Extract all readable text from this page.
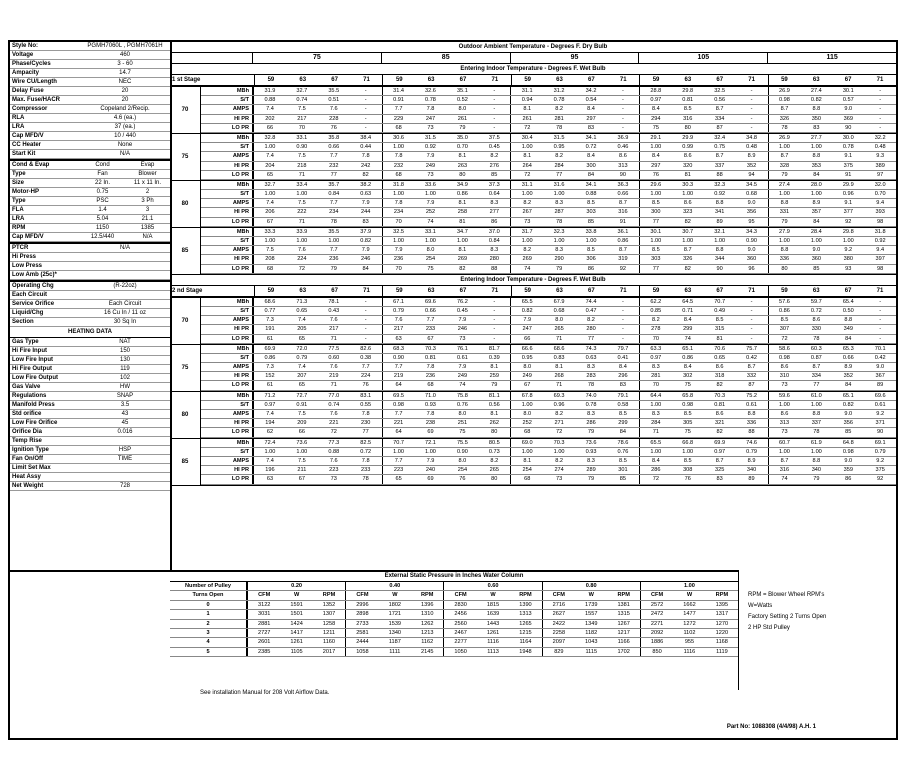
Style No:	PGMH7060L , PGMH7061H
Voltage	460
Phase/Cycles	3 - 60
Ampacity	14.7
Wire CU/Length	NEC
Delay Fuse	20
Max. Fuse/HACR	20
Compressor	Copeland 2/Recip.
RLA	4.6 (ea.)
LRA	37 (ea.)
Cap MFD/V	10 / 440
CC Heater	None
Start Kit	N/A
Cond & Evap	Cond	Evap
Type	Fan	Blower
Size	22 In.	11 x 11 In.
Motor-HP	0.75	2
Type	PSC	3 Ph
FLA	1.4	3
LRA	5.04	21.1
RPM	1150	1385
Cap MFD/V	12.5/440	N/A
PTCR	N/A
Hi Press
Low Press
Low Amb (25c)*
Operating Chg	(R-22oz)
Each Circuit
Service Orifice	Each Circuit
Liquid/Chg	16 Cu In / 11 oz
Section	30 Sq In
HEATING DATA
Gas Type	NAT
Hi Fire Input	150
Low Fire Input	130
Hi Fire Output	119
Low Fire Output	102
Gas Valve	HW
Regulations	SNAP
Manifold Press	3.5
Std orifice	43
Low Fire Orifice	45
Orifice Dia	0.016
Temp Rise
Ignition Type	HSP
Fan On/Off	TIME
Limit Set Max
Heat Assy
Net Weight	728
Outdoor Ambient Temperature - Degrees F. Dry Bulb
75	85	95	105	115
Entering Indoor Temperature - Degrees F. Wet Bulb
1 st Stage	59	63	67	71	59	63	67	71	59	63	67	71	59	63	67	71	59	63	67	71
70
MBh	31.9	32.7	35.5	-	31.4	32.6	35.1	-	31.1	31.2	34.2	-	28.8	29.8	32.5	-	26.9	27.4	30.1	-
S/T	0.88	0.74	0.51	-	0.91	0.78	0.52	-	0.94	0.78	0.54	-	0.97	0.81	0.56	-	0.98	0.82	0.57	-
AMPS	7.4	7.5	7.6	-	7.7	7.8	8.0	-	8.1	8.2	8.4	-	8.4	8.5	8.7	-	8.7	8.8	9.0	-
HI PR	202	217	228	-	229	247	261	-	261	281	297	-	294	316	334	-	326	350	369	-
LO PR	66	70	76	-	68	73	79	-	72	78	83	-	75	80	87	-	78	83	90	-
75
MBh	32.8	33.1	35.8	38.4	30.6	31.5	35.0	37.5	30.4	31.5	34.1	36.9	29.1	29.9	32.4	34.8	26.9	27.7	30.0	32.2
S/T	1.00	0.90	0.66	0.44	1.00	0.92	0.70	0.45	1.00	0.95	0.72	0.46	1.00	0.99	0.75	0.48	1.00	1.00	0.78	0.48
AMPS	7.4	7.5	7.7	7.8	7.8	7.9	8.1	8.2	8.1	8.2	8.4	8.6	8.4	8.6	8.7	8.9	8.7	8.8	9.1	9.3
HI PR	204	218	232	242	232	249	263	276	264	284	300	313	297	320	337	352	328	353	375	389
LO PR	65	71	77	82	68	73	80	85	72	77	84	90	76	81	88	94	79	84	91	97
80
MBh	32.7	33.4	35.7	38.2	31.8	33.6	34.9	37.3	31.1	31.6	34.1	36.3	29.6	30.3	32.3	34.5	27.4	28.0	29.9	32.0
S/T	1.00	1.00	0.84	0.63	1.00	1.00	0.86	0.64	1.00	1.00	0.88	0.66	1.00	1.00	0.92	0.68	1.00	1.00	0.96	0.70
AMPS	7.4	7.5	7.7	7.9	7.8	7.9	8.1	8.3	8.2	8.3	8.5	8.7	8.5	8.6	8.8	9.0	8.8	8.9	9.1	9.4
HI PR	206	222	234	244	234	252	258	277	267	287	303	316	300	323	341	356	331	357	377	393
LO PR	67	71	78	83	70	74	81	86	73	78	85	91	77	82	89	95	79	84	92	98
85
MBh	33.3	33.9	35.5	37.9	32.5	33.1	34.7	37.0	31.7	32.3	33.8	36.1	30.1	30.7	32.1	34.3	27.9	28.4	29.8	31.8
S/T	1.00	1.00	1.00	0.82	1.00	1.00	1.00	0.84	1.00	1.00	1.00	0.86	1.00	1.00	1.00	0.90	1.00	1.00	1.00	0.92
AMPS	7.5	7.6	7.7	7.9	7.9	8.0	8.1	8.3	8.2	8.3	8.5	8.7	8.5	8.7	8.8	9.0	8.8	9.0	9.2	9.4
HI PR	208	224	236	246	236	254	269	280	269	290	306	319	303	326	344	360	336	360	380	397
LO PR	68	72	79	84	70	75	82	88	74	79	86	92	77	82	90	96	80	85	93	98
Entering Indoor Temperature - Degrees F. Wet Bulb
2 nd Stage	59	63	67	71	59	63	67	71	59	63	67	71	59	63	67	71	59	63	67	71
70
MBh	68.6	71.3	78.1	-	67.1	69.6	76.2	-	65.5	67.9	74.4	-	62.2	64.5	70.7	-	57.6	59.7	65.4	-
S/T	0.77	0.65	0.43	-	0.79	0.66	0.45	-	0.82	0.68	0.47	-	0.85	0.71	0.49	-	0.86	0.72	0.50	-
AMPS	7.3	7.4	7.6	-	7.6	7.7	7.9	-	7.9	8.0	8.2	-	8.2	8.4	8.5	-	8.5	8.6	8.8	-
HI PR	191	205	217	-	217	233	246	-	247	265	280	-	278	299	315	-	307	330	349	-
LO PR	61	65	71	-	63	67	73	-	66	71	77	-	70	74	81	-	72	78	84	-
75
MBh	69.9	72.0	77.5	82.6	68.3	70.3	76.1	81.7	66.6	68.6	74.3	79.7	63.3	65.1	70.6	75.7	58.6	60.3	65.3	70.1
S/T	0.86	0.79	0.60	0.38	0.90	0.81	0.61	0.39	0.95	0.83	0.63	0.41	0.97	0.86	0.65	0.42	0.98	0.87	0.66	0.42
AMPS	7.3	7.4	7.6	7.7	7.7	7.8	7.9	8.1	8.0	8.1	8.3	8.4	8.3	8.4	8.6	8.7	8.6	8.7	8.9	9.0
HI PR	152	207	219	224	219	236	249	259	249	268	283	296	281	302	318	332	310	334	352	367
LO PR	61	65	71	76	64	68	74	79	67	71	78	83	70	75	82	87	73	77	84	89
80
MBh	71.2	72.7	77.0	83.1	69.5	71.0	75.8	81.1	67.8	69.3	74.0	79.1	64.4	65.8	70.3	75.2	59.6	61.0	65.1	69.6
S/T	0.97	0.91	0.74	0.55	0.98	0.93	0.76	0.56	1.00	0.96	0.78	0.58	1.00	0.98	0.81	0.61	1.00	1.00	0.82	0.61
AMPS	7.4	7.5	7.6	7.8	7.7	7.8	8.0	8.1	8.0	8.2	8.3	8.5	8.3	8.5	8.6	8.8	8.6	8.8	9.0	9.2
HI PR	194	209	221	230	221	238	251	262	252	271	286	299	284	305	321	336	313	337	356	371
LO PR	62	66	72	77	64	69	75	80	68	72	79	84	71	75	82	88	73	78	85	90
85
MBh	72.4	73.6	77.3	82.5	70.7	72.1	75.5	80.5	69.0	70.3	73.6	78.6	65.5	66.8	69.9	74.6	60.7	61.9	64.8	69.1
S/T	1.00	1.00	0.88	0.72	1.00	1.00	0.90	0.73	1.00	1.00	0.93	0.76	1.00	1.00	0.97	0.79	1.00	1.00	0.98	0.79
AMPS	7.4	7.5	7.6	7.8	7.7	7.9	8.0	8.2	8.1	8.2	8.3	8.5	8.4	8.5	8.7	8.9	8.7	8.8	9.0	9.2
HI PR	196	211	223	233	223	240	254	265	254	274	289	301	286	308	325	340	316	340	359	375
LO PR	63	67	73	78	65	69	76	80	68	73	79	85	72	76	83	89	74	79	86	92
External Static Pressure in Inches Water Column
Number of Pulley	0.20	0.40	0.60	0.80	1.00
Turns Open	CFM	W	RPM	CFM	W	RPM	CFM	W	RPM	CFM	W	RPM	CFM	W	RPM
0	3122	1591	1352	2996	1802	1396	2830	1815	1390	2716	1739	1381	2572	1662	1395
1	3031	1501	1307	2898	1721	1310	2456	1639	1313	2627	1557	1315	2472	1477	1317
2	2881	1424	1258	2733	1539	1262	2560	1443	1265	2422	1349	1267	2271	1272	1270
3	2727	1417	1211	2581	1340	1213	2467	1261	1215	2258	1182	1217	2092	1102	1220
4	2601	1261	1160	2444	1187	1162	2277	1116	1164	2097	1043	1166	1886	955	1168
5	2385	1105	2017	1058	1111	2145	1050	1113	1948	829	1115	1702	850	1116	1119
RPM = Blower Wheel RPM's
W=Watts
Factory Setting 2 Turns Open
2 HP Std Pulley
See installation Manual for 208 Volt Airflow Data.
Part No: 1088308 (4/4/98) A.H. 1
